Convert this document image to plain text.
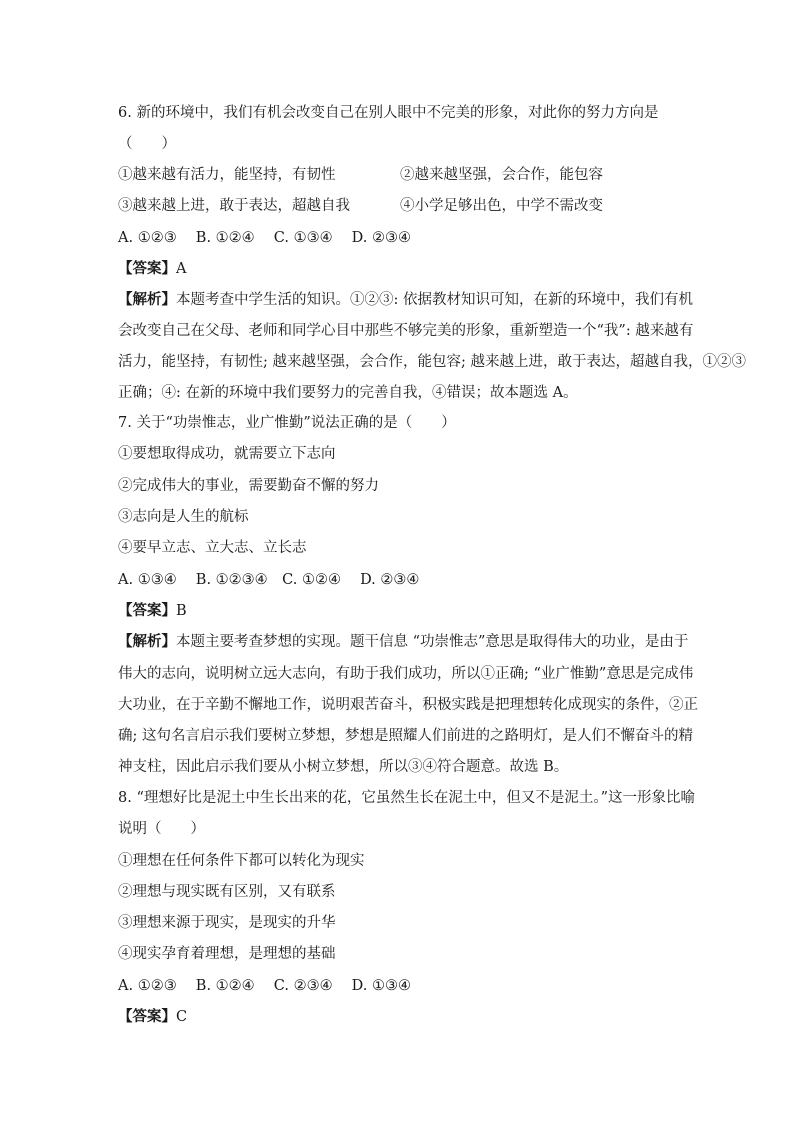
6. 新的环境中，我们有机会改变自己在别人眼中不完美的形象，对此你的努力方向是
（　　）
①越来越有活力，能坚持，有韧性	②越来越坚强，会合作，能包容
③越来越上进，敢于表达，超越自我	④小学足够出色，中学不需改变
A. ①②③　 B. ①②④　 C. ①③④　 D. ②③④
【答案】A
【解析】本题考查中学生活的知识。①②③: 依据教材知识可知，在新的环境中，我们有机
会改变自己在父母、老师和同学心目中那些不够完美的形象，重新塑造一个“我”: 越来越有
活力，能坚持，有韧性; 越来越坚强，会合作，能包容; 越来越上进，敢于表达，超越自我，①②③
正确；④: 在新的环境中我们要努力的完善自我，④错误；故本题选 A。
7. 关于“功崇惟志，业广惟勤”说法正确的是（　　）
①要想取得成功，就需要立下志向
②完成伟大的事业，需要勤奋不懈的努力
③志向是人生的航标
④要早立志、立大志、立长志
A. ①③④　 B. ①②③④　C. ①②④　 D. ②③④
【答案】B
【解析】本题主要考查梦想的实现。题干信息 “功崇惟志”意思是取得伟大的功业，是由于
伟大的志向，说明树立远大志向，有助于我们成功，所以①正确; “业广惟勤”意思是完成伟
大功业，在于辛勤不懈地工作，说明艰苦奋斗，积极实践是把理想转化成现实的条件，②正
确; 这句名言启示我们要树立梦想，梦想是照耀人们前进的之路明灯，是人们不懈奋斗的精
神支柱，因此启示我们要从小树立梦想，所以③④符合题意。故选 B。
8. “理想好比是泥土中生长出来的花，它虽然生长在泥土中，但又不是泥土。”这一形象比喻
说明（　　）
①理想在任何条件下都可以转化为现实
②理想与现实既有区别，又有联系
③理想来源于现实，是现实的升华
④现实孕育着理想，是理想的基础
A. ①②③　 B. ①②④　 C. ②③④　 D. ①③④
【答案】C
